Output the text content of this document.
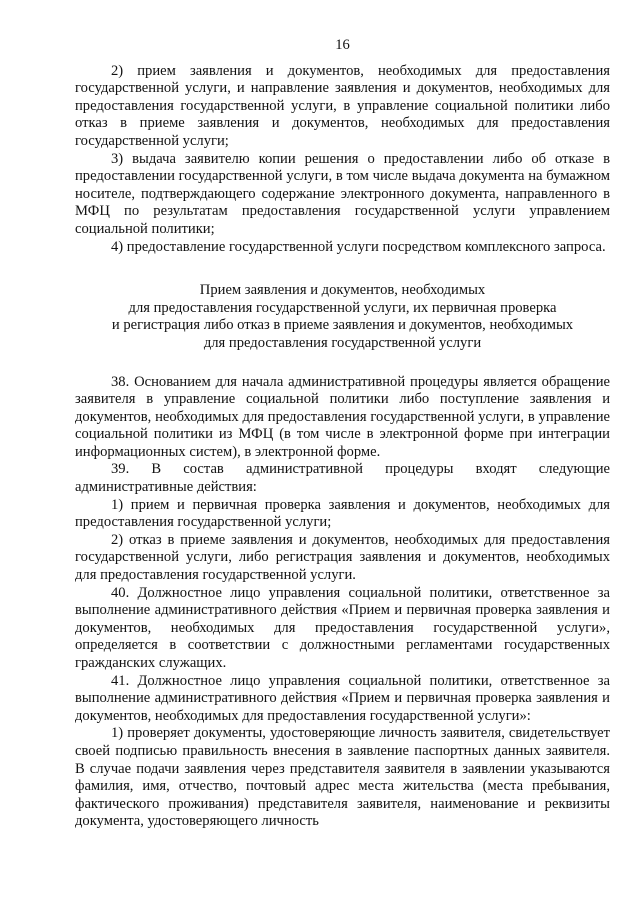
16

2) прием заявления и документов, необходимых для предоставления государственной услуги, и направление заявления и документов, необходимых для предоставления государственной услуги, в управление социальной политики либо отказ в приеме заявления и документов, необходимых для предоставления государственной услуги;

3) выдача заявителю копии решения о предоставлении либо об отказе в предоставлении государственной услуги, в том числе выдача документа на бумажном носителе, подтверждающего содержание электронного документа, направленного в МФЦ по результатам предоставления государственной услуги управлением социальной политики;

4) предоставление государственной услуги посредством комплексного запроса.

Прием заявления и документов, необходимых
для предоставления государственной услуги, их первичная проверка
и регистрация либо отказ в приеме заявления и документов, необходимых
для предоставления государственной услуги

38. Основанием для начала административной процедуры является обращение заявителя в управление социальной политики либо поступление заявления и документов, необходимых для предоставления государственной услуги, в управление социальной политики из МФЦ (в том числе в электронной форме при интеграции информационных систем), в электронной форме.

39. В состав административной процедуры входят следующие административные действия:

1) прием и первичная проверка заявления и документов, необходимых для предоставления государственной услуги;

2) отказ в приеме заявления и документов, необходимых для предоставления государственной услуги, либо регистрация заявления и документов, необходимых для предоставления государственной услуги.

40. Должностное лицо управления социальной политики, ответственное за выполнение административного действия «Прием и первичная проверка заявления и документов, необходимых для предоставления государственной услуги», определяется в соответствии с должностными регламентами государственных гражданских служащих.

41. Должностное лицо управления социальной политики, ответственное за выполнение административного действия «Прием и первичная проверка заявления и документов, необходимых для предоставления государственной услуги»:

1) проверяет документы, удостоверяющие личность заявителя, свидетельствует своей подписью правильность внесения в заявление паспортных данных заявителя. В случае подачи заявления через представителя заявителя в заявлении указываются фамилия, имя, отчество, почтовый адрес места жительства (места пребывания, фактического проживания) представителя заявителя, наименование и реквизиты документа, удостоверяющего личность
